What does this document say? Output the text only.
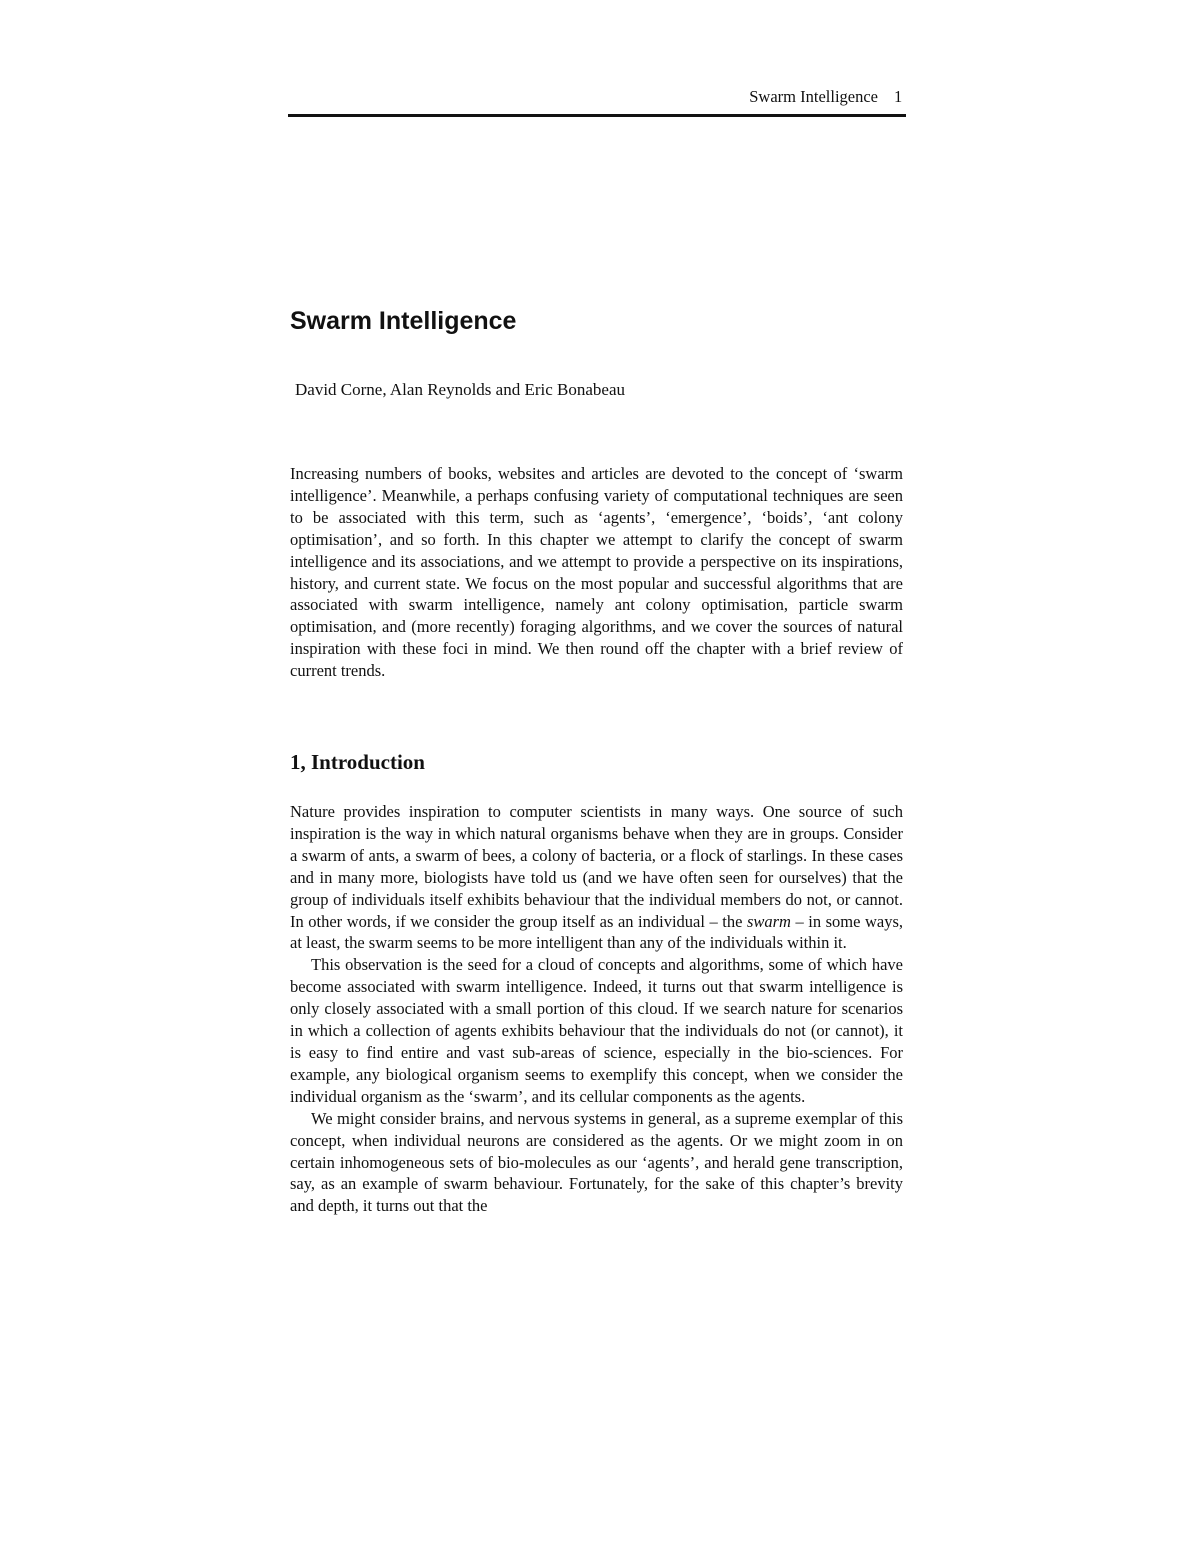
Swarm Intelligence 1
Swarm Intelligence
David Corne, Alan Reynolds and Eric Bonabeau
Increasing numbers of books, websites and articles are devoted to the concept of ‘swarm intelligence’. Meanwhile, a perhaps confusing variety of computational techniques are seen to be associated with this term, such as ‘agents’, ‘emergence’, ‘boids’, ‘ant colony optimisation’, and so forth. In this chapter we attempt to clarify the concept of swarm intelligence and its associations, and we attempt to provide a perspective on its inspirations, history, and current state. We focus on the most popular and successful algorithms that are associated with swarm intelligence, namely ant colony optimisation, particle swarm optimisation, and (more recently) foraging algorithms, and we cover the sources of natural inspiration with these foci in mind. We then round off the chapter with a brief review of current trends.
1, Introduction

Nature provides inspiration to computer scientists in many ways. One source of such inspiration is the way in which natural organisms behave when they are in groups. Consider a swarm of ants, a swarm of bees, a colony of bacteria, or a flock of starlings. In these cases and in many more, biologists have told us (and we have often seen for ourselves) that the group of individuals itself exhibits behaviour that the individual members do not, or cannot. In other words, if we consider the group itself as an individual – the swarm – in some ways, at least, the swarm seems to be more intelligent than any of the individuals within it.

This observation is the seed for a cloud of concepts and algorithms, some of which have become associated with swarm intelligence. Indeed, it turns out that swarm intelligence is only closely associated with a small portion of this cloud. If we search nature for scenarios in which a collection of agents exhibits behaviour that the individuals do not (or cannot), it is easy to find entire and vast sub-areas of science, especially in the bio-sciences. For example, any biological organism seems to exemplify this concept, when we consider the individual organism as the ‘swarm’, and its cellular components as the agents.

We might consider brains, and nervous systems in general, as a supreme exemplar of this concept, when individual neurons are considered as the agents. Or we might zoom in on certain inhomogeneous sets of bio-molecules as our ‘agents’, and herald gene transcription, say, as an example of swarm behaviour. Fortunately, for the sake of this chapter’s brevity and depth, it turns out that the
